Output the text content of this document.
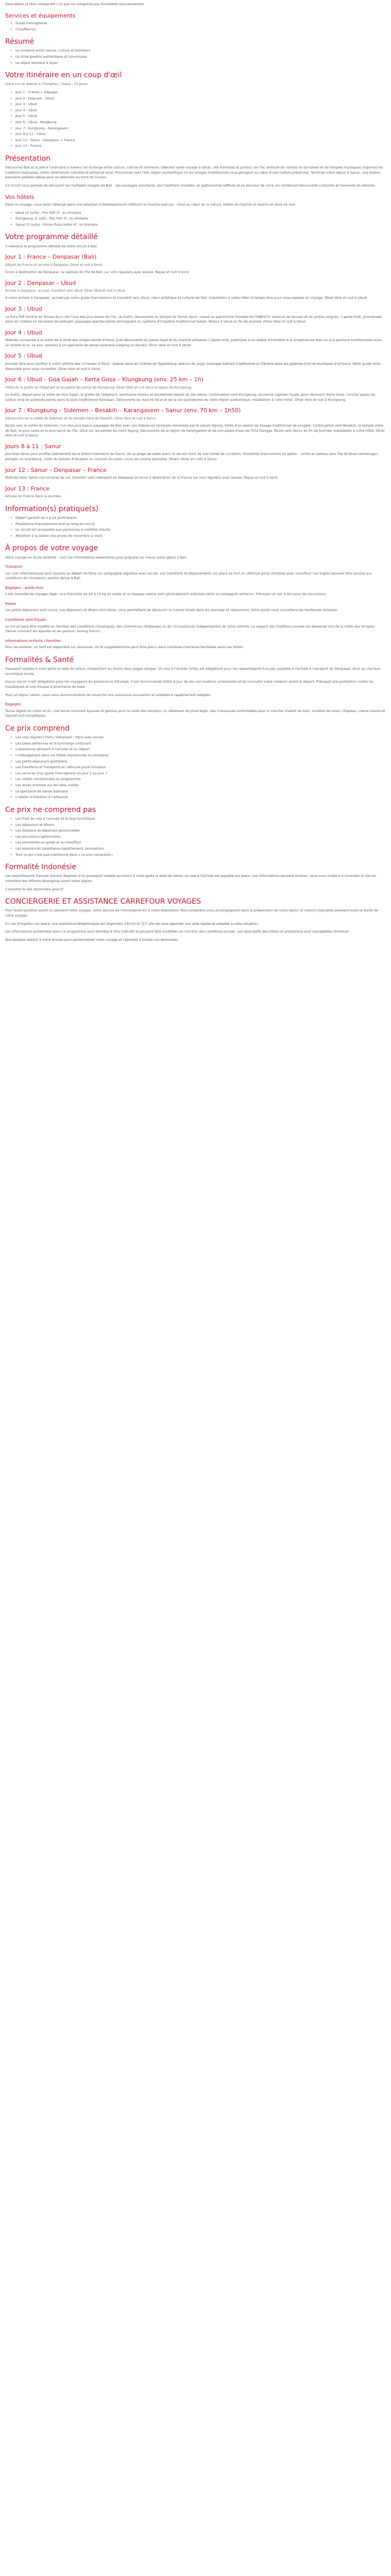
Description (à titre comparatif / Ce prix ne comprend pas Formalités Gouvernement

Services et équipements
• Guide francophone
• Chauffeur(s)
Résumé
• Le combiné entre nature, culture et bonheurs
• Le riche guestro authentique et conviviales
• Le séjour bonheur à Xpao
Votre itinéraire en un coup d'œil

Votre circuit débute à Thimphou / Dawa - 10 Jours

• Jour 1 : France > Depuwe
• Jour 2 : Depuwe - Ubud
• Jour 3 : Ubud
• Jour 4 : Ubud
• Jour 5 : Ubud
• Jour 6 : Ubud - Kungkung
• Jour 7 : Kungkung - Karangasem
• Jour 8 à 11 : Sanur
• Jour 12 : Sanur - Denpasar > France
• Jour 13 : France
Présentation

Découvrez Bali et la joie à l'ordinaire à travers cet échange entre nature, culture et bonheurs. Débutez votre voyage à Ubud, cité d'artistes et porteur de l'île, entouré de rizières en terrasses et de temples mystiques. Explorez les traditions balinaises, entre cérémonies colorées et artisanat local. Poursuivez vers l'est, région authentique où les villages traditionnels vous plongent au cœur d'une culture préservée. Terminez votre séjour à Sanur, une station balnéaire paisible idéale pour se détendre au bord de l'océan.

Ce circuit vous permet de découvrir les multiples visages de Bali : ses paysages luxuriants, ses traditions vivantes, sa gastronomie raffinée et sa douceur de vivre, en combinant découverte culturelle et moments de détente.

Vos hôtels

Dans ce voyage, vous serez hébergé dans une sélection d'établissements reflétant le charme balinais : villas au cœur de la nature, hôtels de charme et resorts en bord de mer.

• Ubud (4 nuits) : Pon Pafi 3*, ou similaire
• Klungkung (2 nuit) : Pon Pafi 3*, ou similaire
• Sanur (3 nuits) : Prime Plaza Hotel 4*, ou similaire
Votre programme détaillé

Ci-dessous le programme détaillé de votre circuit à Bali.

Jour 1 : France – Denpasar (Bali)

Départ de France et arrivée à Denpasar. Dîner et nuit à bord.

Envol à destination de Denpasar, la capitale de l'île de Bali, sur vols réguliers avec escale. Repas et nuit à bord.

Jour 2 : Denpasar – Ubud

Arrivée à Denpasar, accueil, transfert vers Ubud. Dîner libre et nuit à Ubud.

À votre arrivée à Denpasar, accueil par votre guide francophone et transfert vers Ubud, cœur artistique et culturel de Bali. Installation à votre hôtel et temps libre pour vous reposer du voyage. Dîner libre et nuit à Ubud.

Jour 3 : Ubud

La Pura Pafi Sentral de Taman Ayun est l'une des plus belles de l'île. Le matin, découverte du temple de Taman Ayun, classé au patrimoine mondial de l'UNESCO, entouré de douves et de jardins soignés. L'après-midi, promenade dans les rizières en terrasses de Jatiluwih, paysages spectaculaires témoignant du système d'irrigation traditionnel Subak. Retour à Ubud en fin de journée. Dîner libre et nuit à Ubud.

Jour 4 : Ubud

Matinée consacrée à la visite de la forêt des singes sacrés d'Ubud, puis découverte du palais royal et du marché artisanal. L'après-midi, participez à un atelier d'initiation à la sculpture sur bois ou à la peinture traditionnelle avec un artiste local. Le soir, assistez à un spectacle de danse balinaise (Legong ou Kecak). Dîner libre et nuit à Ubud.

Jour 5 : Ubud

Journée libre pour profiter à votre rythme des richesses d'Ubud : balade dans les rizières de Tegallalang, séance de yoga, massage balinais traditionnel ou flânerie dans les galeries d'art et boutiques d'artisans. Votre guide reste disponible pour vous conseiller. Dîner libre et nuit à Ubud.

Jour 6 : Ubud – Goa Gajah – Kerta Gosa – Klungkung (env. 25 km – 1h)

Visite de la grotte de l'éléphant et du palais de justice de Klungkung. Dîner libre et nuit dans la région de Klungkung.

Le matin, départ pour la visite de Goa Gajah, la grotte de l'éléphant, sanctuaire hindou et bouddhiste datant du XIe siècle. Continuation vers Klungkung, ancienne capitale royale, pour découvrir Kerta Gosa, l'ancien palais de justice orné de plafonds peints dans le style traditionnel Kamasan. Découverte du marché local et de la vie quotidienne de cette région authentique. Installation à votre hôtel. Dîner libre et nuit à Klungkung.

Jour 7 : Klungkung – Sidemen – Besakih – Karangasem – Sanur (env. 70 km – 1h50)

Découverte de la vallée de Sidemen et du temple mère de Besakih. Dîner libre et nuit à Sanur.

Route vers la vallée de Sidemen, l'un des plus beaux paysages de Bali avec ses rizières en terrasses dominées par le volcan Agung. Visite d'un atelier de tissage traditionnel de songket. Continuation vers Besakih, le temple mère de Bali, le plus vaste et le plus sacré de l'île, situé sur les pentes du mont Agung. Découverte de la région de Karangasem et de son palais d'eau de Tirta Gangga. Route vers Sanur en fin de journée. Installation à votre hôtel. Dîner libre et nuit à Sanur.

Jours 8 à 11 : Sanur

Journées libres pour profiter pleinement de la station balnéaire de Sanur, de sa plage de sable blanc et de son front de mer bordé de cocotiers. Possibilité d'excursions en option : sortie en bateau vers l'île de Nusa Lembongan, plongée ou snorkeling, visite du temple d'Uluwatu au coucher du soleil, cours de cuisine balinaise. Dîners libres et nuits à Sanur.

Jour 12 : Sanur – Denpasar – France

Matinée libre. Selon vos horaires de vol, transfert vers l'aéroport de Denpasar et envol à destination de la France sur vols réguliers avec escale. Repas et nuit à bord.

Jour 13 : France

Arrivée en France dans la journée.

Information(s) pratique(s)
• Départ garanti de 2 à 24 participants
• Prestations francophones tout au long du circuit
• Le circuit est accessible aux personnes à mobilité réduite
• Attention à la saison des pluies de novembre à mars
À propos de votre voyage

Votre voyage en toute sérénité : voici les informations essentielles pour préparer au mieux votre séjour à Bali.

Transport

Les vols internationaux sont assurés au départ de Paris sur compagnie régulière avec escale. Les transferts et déplacements sur place se font en véhicule privé climatisé avec chauffeur. Les trajets peuvent être soumis aux conditions de circulation, parfois dense à Bali.

Bagages – poids max

Il est conseillé de voyager léger. Une franchise de 20 à 23 kg en soute et un bagage cabine sont généralement autorisés selon la compagnie aérienne. Prévoyez un sac à dos pour les excursions.

Repas

Les petits-déjeuners sont inclus. Les déjeuners et dîners sont libres, vous permettant de découvrir la cuisine locale dans les warungs et restaurants. Votre guide vous conseillera les meilleures adresses.

Conditions spécifiques

Le circuit peut être modifié en fonction des conditions climatiques, des cérémonies religieuses ou de circonstances indépendantes de notre volonté. Le respect des traditions locales est demandé lors de la visite des temples (tenue couvrant les épaules et les genoux, sarong fourni).

Informations enfants / Familles

Pour les enfants, un tarif est disponible sur demande. Un lit supplémentaire peut être prévu dans certaines chambres familiales selon les hôtels.

Formalités & Santé

Passeport valable 6 mois après la date de retour, comportant au moins deux pages vierges. Un visa à l'arrivée (VOA) est obligatoire pour les ressortissants français, payable à l'arrivée à l'aéroport de Denpasar, ainsi qu'une taxe touristique locale.

Aucun vaccin n'est obligatoire pour les voyageurs en provenance d'Europe. Il est recommandé d'être à jour de ses vaccinations universelles et de consulter votre médecin avant le départ. Prévoyez une protection contre les moustiques et une trousse à pharmacie de base.

Pour un séjour serein, nous vous recommandons de souscrire une assurance annulation et assistance rapatriement adaptée.

Bagages

Tenue légère en coton et lin, une tenue couvrant épaules et genoux pour la visite des temples, un vêtement de pluie léger, des chaussures confortables pour la marche, maillot de bain, lunettes de soleil, chapeau, crème solaire et répulsif anti-moustiques.

Ce prix comprend
• Les vols réguliers Paris / Denpasar / Paris avec escale
• Les taxes aériennes et la surcharge carburant
• L'assistance aéroport à l'arrivée et au départ
• L'hébergement dans les hôtels mentionnés ou similaires
• Les petits-déjeuners quotidiens
• Les transferts et transports en véhicule privé climatisé
• Les services d'un guide francophone du jour 2 au jour 7
• Les visites mentionnées au programme
• Les droits d'entrée sur les sites visités
• Le spectacle de danse balinaise
• L'atelier d'initiation à l'artisanat
Ce prix ne comprend pas
• Les frais de visa à l'arrivée et la taxe touristique
• Les déjeuners et dîners
• Les boissons et dépenses personnelles
• Les excursions optionnelles
• Les pourboires au guide et au chauffeur
• Les assurances (assistance rapatriement, annulation)
• Tout ce qui n'est pas mentionné dans « ce prix comprend »
Formalité Indonésie

Les ressortissants français doivent disposer d'un passeport valable au moins 6 mois après la date de retour. Le visa à l'arrivée est payable sur place. Les informations peuvent évoluer, nous vous invitons à consulter le site du ministère des Affaires étrangères avant votre départ.

Consultez le site diplomatie.gouv.fr

CONCIERGERIE ET ASSISTANCE CARREFOUR VOYAGES

Pour toute question avant ou pendant votre voyage, notre service de conciergerie est à votre disposition. Nos conseillers vous accompagnent dans la préparation de votre séjour et restent joignables pendant toute la durée de votre voyage.

En cas d'imprévu sur place, une assistance téléphonique est disponible 24h/24 et 7j/7 afin de vous apporter une aide rapide et adaptée à votre situation.

Les informations présentées dans ce programme sont données à titre indicatif et peuvent être modifiées en fonction des conditions locales. Les descriptifs des hôtels et prestations sont susceptibles d'évoluer.

Nos équipes restent à votre écoute pour personnaliser votre voyage et répondre à toutes vos demandes.
